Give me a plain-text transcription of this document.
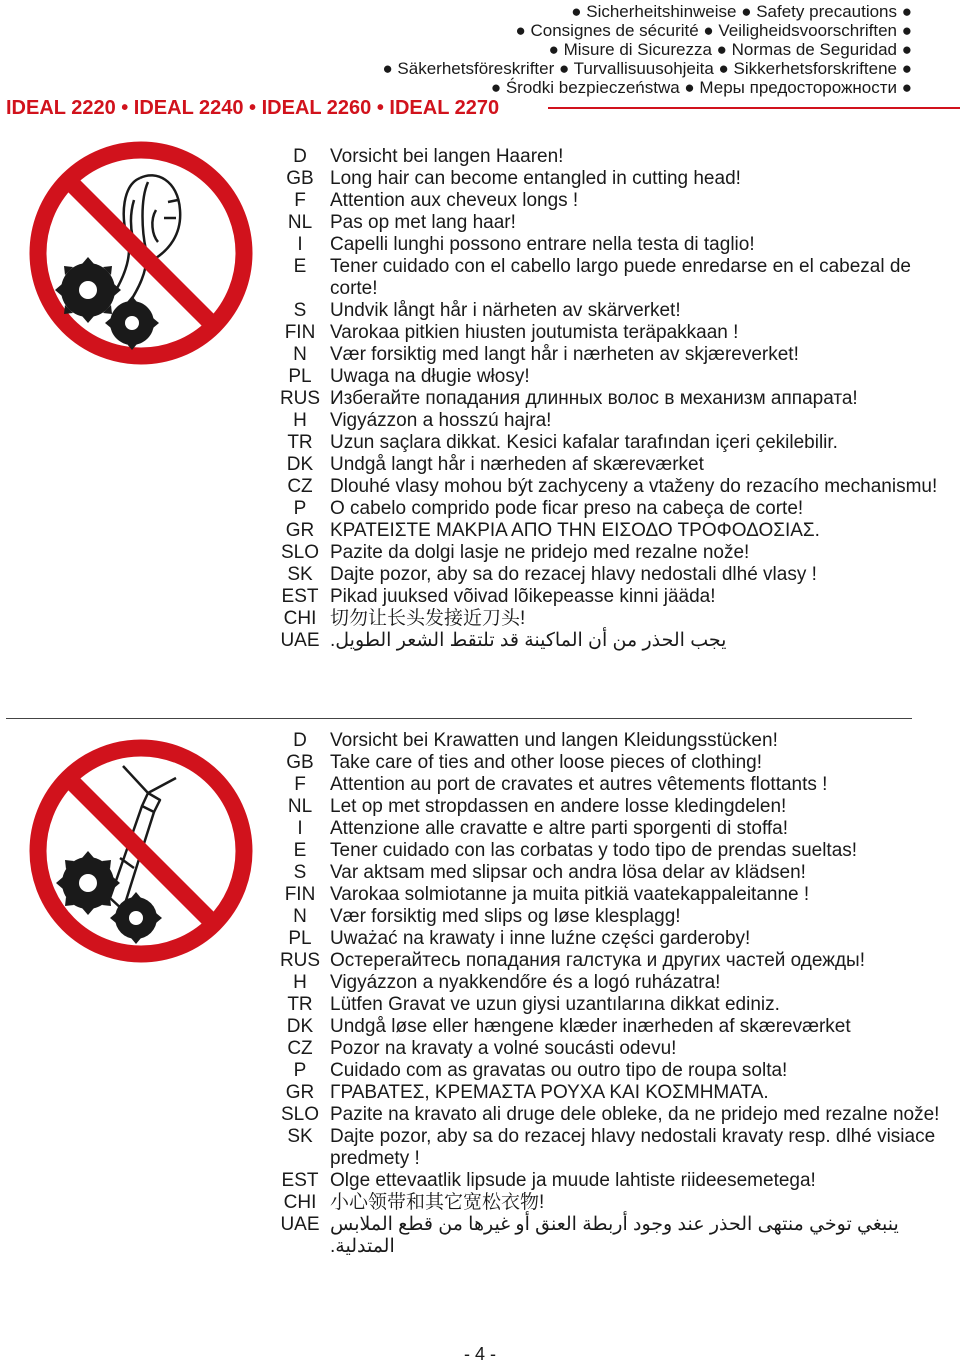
● Sicherheitshinweise ● Safety precautions ●
● Consignes de sécurité ● Veiligheidsvoorschriften ●
● Misure di Sicurezza ● Normas de Seguridad ●
● Säkerhetsföreskrifter ● Turvallisuusohjeita ● Sikkerhetsforskriftene ●
● Środki bezpieczeństwa ● Меры предосторожности ●
IDEAL 2220 • IDEAL 2240 • IDEAL 2260 • IDEAL 2270
D	Vorsicht bei langen Haaren!
GB Long hair can become entangled in cutting head!
F	Attention aux cheveux longs !
NL Pas op met lang haar!
I	Capelli lunghi possono entrare nella testa di taglio!
E	Tener cuidado con el cabello largo puede enredarse en el cabezal de corte!
S	Undvik långt hår i närheten av skärverket!
FIN Varokaa pitkien hiusten joutumista teräpakkaan !
N	Vær forsiktig med langt hår i nærheten av skjæreverket!
PL Uwaga na długie włosy!
RUS Избегайте попадания длинных волос в механизм аппарата!
H	Vigyázzon a hosszú hajra!
TR Uzun saçlara dikkat. Kesici kafalar tarafından içeri çekilebilir.
DK Undgå langt hår i nærheden af skæreværket
CZ Dlouhé vlasy mohou být zachyceny a vtaženy do rezacího mechanismu!
P	O cabelo comprido pode ficar preso na cabeça de corte!
GR ΚΡΑΤΕΙΣΤΕ ΜΑΚΡΙΑ ΑΠΟ ΤΗΝ ΕΙΣΟΔΟ ΤΡΟΦΟΔΟΣΙΑΣ.
SLO Pazite da dolgi lasje ne pridejo med rezalne nože!
SK Dajte pozor, aby sa do rezacej hlavy nedostali dlhé vlasy !
EST Pikad juuksed võivad lõikepeasse kinni jääda!
CHI 切勿让长头发接近刀头!
UAE يجب الحذر من أن الماكينة قد تلتقط الشعر الطويل.
D	Vorsicht bei Krawatten und langen Kleidungsstücken!
GB Take care of ties and other loose pieces of clothing!
F	Attention au port de cravates et autres vêtements flottants !
NL Let op met stropdassen en andere losse kledingdelen!
I	Attenzione alle cravatte e altre parti sporgenti di stoffa!
E	Tener cuidado con las corbatas y todo tipo de prendas sueltas!
S	Var aktsam med slipsar och andra lösa delar av klädsen!
FIN Varokaa solmiotanne ja muita pitkiä vaatekappaleitanne !
N	Vær forsiktig med slips og løse klesplagg!
PL Uważać na krawaty i inne luźne części garderoby!
RUS Остерегайтесь попадания галстука и других частей одежды!
H	Vigyázzon a nyakkendőre és a logó ruházatra!
TR Lütfen Gravat ve uzun giysi uzantılarına dikkat ediniz.
DK Undgå løse eller hængene klæder inærheden af skæreværket
CZ Pozor na kravaty a volné soucásti odevu!
P	Cuidado com as gravatas ou outro tipo de roupa solta!
GR ΓΡΑΒΑΤΕΣ, ΚΡΕΜΑΣΤΑ ΡΟΥΧΑ ΚΑΙ ΚΟΣΜΗΜΑΤΑ.
SLO Pazite na kravato ali druge dele obleke, da ne pridejo med rezalne nože!
SK Dajte pozor, aby sa do rezacej hlavy nedostali kravaty resp. dlhé visiace predmety !
EST Olge ettevaatlik lipsude ja muude lahtiste riideesemetega!
CHI 小心领带和其它宽松衣物!
UAE ينبغي توخي منتهى الحذر عند وجود أربطة العنق أو غيرها من قطع الملابس المتدلية.
- 4 -
